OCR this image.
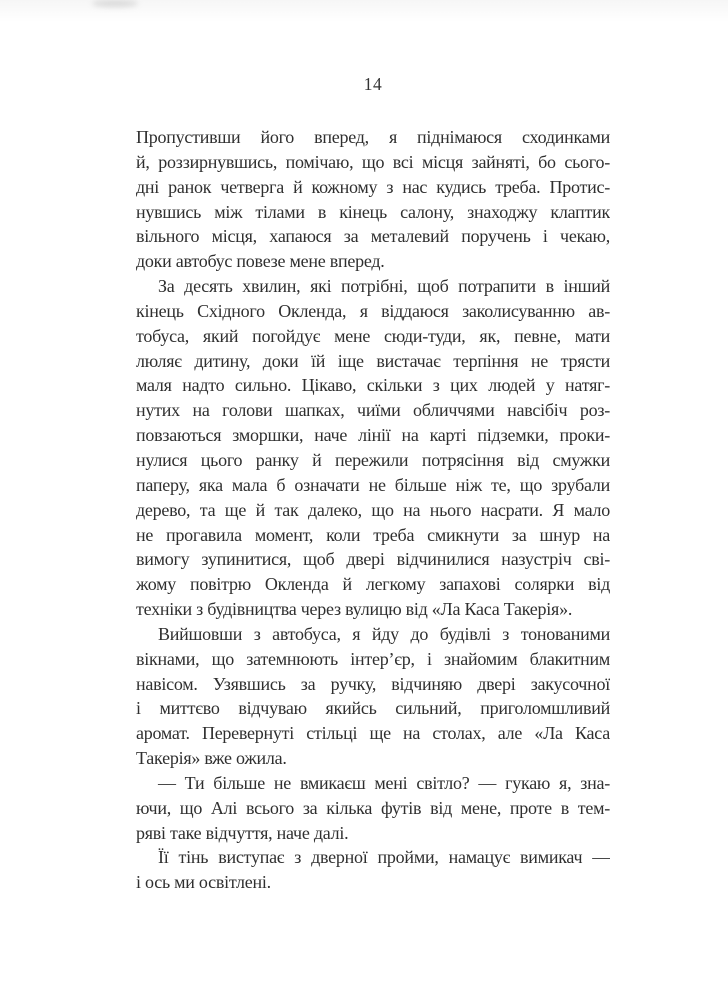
14
Пропустивши його вперед, я піднімаюся сходинками
й, роззирнувшись, помічаю, що всі місця зайняті, бо сього-
дні ранок четверга й кожному з нас кудись треба. Протис-
нувшись між тілами в кінець салону, знаходжу клаптик
вільного місця, хапаюся за металевий поручень і чекаю,
доки автобус повезе мене вперед.
За десять хвилин, які потрібні, щоб потрапити в інший
кінець Східного Окленда, я віддаюся заколисуванню ав-
тобуса, який погойдує мене сюди-туди, як, певне, мати
люляє дитину, доки їй іще вистачає терпіння не трясти
маля надто сильно. Цікаво, скільки з цих людей у натяг-
нутих на голови шапках, чиїми обличчями навсібіч роз-
повзаються зморшки, наче лінії на карті підземки, проки-
нулися цього ранку й пережили потрясіння від смужки
паперу, яка мала б означати не більше ніж те, що зрубали
дерево, та ще й так далеко, що на нього насрати. Я мало
не прогавила момент, коли треба смикнути за шнур на
вимогу зупинитися, щоб двері відчинилися назустріч сві-
жому повітрю Окленда й легкому запахові солярки від
техніки з будівництва через вулицю від «Ла Каса Такерія».
Вийшовши з автобуса, я йду до будівлі з тонованими
вікнами, що затемнюють інтер’єр, і знайомим блакитним
навісом. Узявшись за ручку, відчиняю двері закусочної
і миттєво відчуваю якийсь сильний, приголомшливий
аромат. Перевернуті стільці ще на столах, але «Ла Каса
Такерія» вже ожила.
— Ти більше не вмикаєш мені світло? — гукаю я, зна-
ючи, що Алі всього за кілька футів від мене, проте в тем-
ряві таке відчуття, наче далі.
Її тінь виступає з дверної пройми, намацує вимикач —
і ось ми освітлені.
